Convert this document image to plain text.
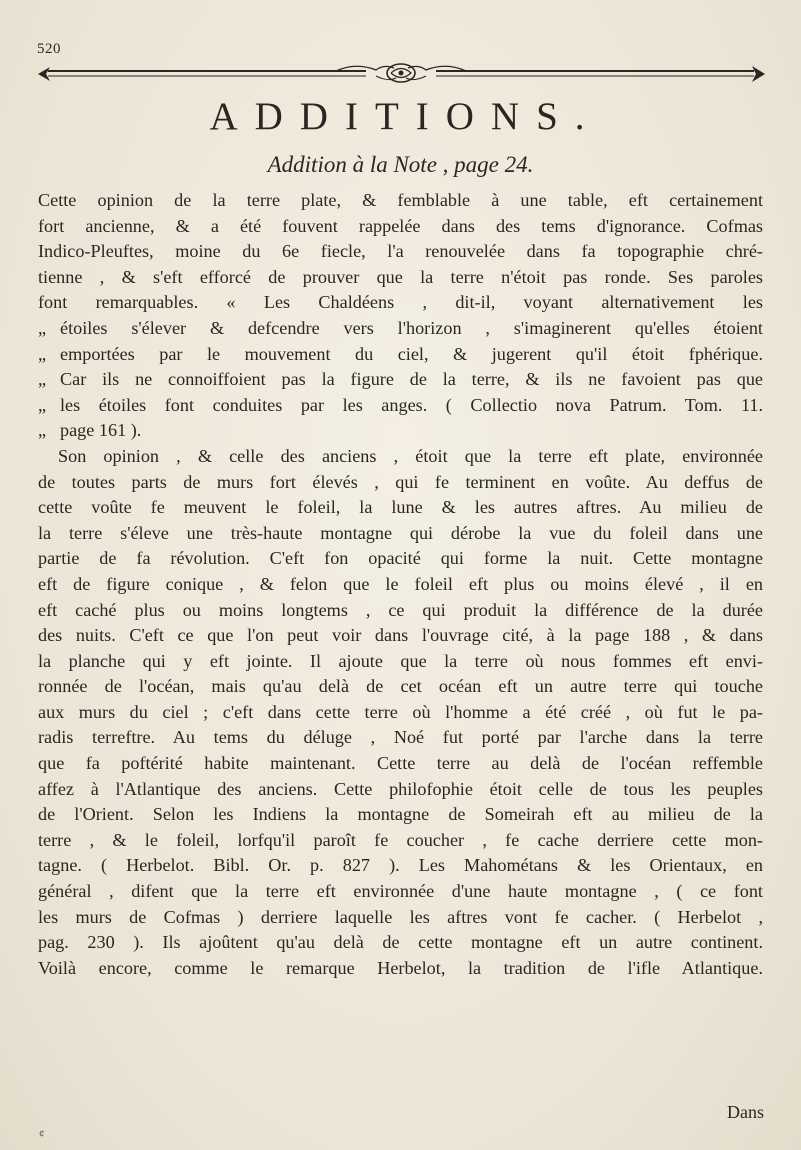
520
ADDITIONS.
Addition à la Note , page 24.
Cette opinion de la terre plate, & femblable à une table, eft certainement
fort ancienne, & a été fouvent rappelée dans des tems d'ignorance. Cofmas
Indico-Pleuftes, moine du 6e fiecle, l'a renouvelée dans fa topographie chré-
tienne , & s'eft efforcé de prouver que la terre n'étoit pas ronde. Ses paroles
font remarquables. « Les Chaldéens , dit-il, voyant alternativement les
„ étoiles s'élever & defcendre vers l'horizon , s'imaginerent qu'elles étoient
„ emportées par le mouvement du ciel, & jugerent qu'il étoit fphérique.
„ Car ils ne connoiffoient pas la figure de la terre, & ils ne favoient pas que
„ les étoiles font conduites par les anges. ( Collectio nova Patrum. Tom. 11.
„ page 161 ).
Son opinion , & celle des anciens , étoit que la terre eft plate, environnée
de toutes parts de murs fort élevés , qui fe terminent en voûte. Au deffus de
cette voûte fe meuvent le foleil, la lune & les autres aftres. Au milieu de
la terre s'éleve une très-haute montagne qui dérobe la vue du foleil dans une
partie de fa révolution. C'eft fon opacité qui forme la nuit. Cette montagne
eft de figure conique , & felon que le foleil eft plus ou moins élevé , il en
eft caché plus ou moins longtems , ce qui produit la différence de la durée
des nuits. C'eft ce que l'on peut voir dans l'ouvrage cité, à la page 188 , & dans
la planche qui y eft jointe. Il ajoute que la terre où nous fommes eft envi-
ronnée de l'océan, mais qu'au delà de cet océan eft un autre terre qui touche
aux murs du ciel ; c'eft dans cette terre où l'homme a été créé , où fut le pa-
radis terreftre. Au tems du déluge , Noé fut porté par l'arche dans la terre
que fa poftérité habite maintenant. Cette terre au delà de l'océan reffemble
affez à l'Atlantique des anciens. Cette philofophie étoit celle de tous les peuples
de l'Orient. Selon les Indiens la montagne de Someirah eft au milieu de la
terre , & le foleil, lorfqu'il paroît fe coucher , fe cache derriere cette mon-
tagne. ( Herbelot. Bibl. Or. p. 827 ). Les Mahométans & les Orientaux, en
général , difent que la terre eft environnée d'une haute montagne , ( ce font
les murs de Cofmas ) derriere laquelle les aftres vont fe cacher. ( Herbelot ,
pag. 230 ). Ils ajoûtent qu'au delà de cette montagne eft un autre continent.
Voilà encore, comme le remarque Herbelot, la tradition de l'ifle Atlantique.
Dans
¢
